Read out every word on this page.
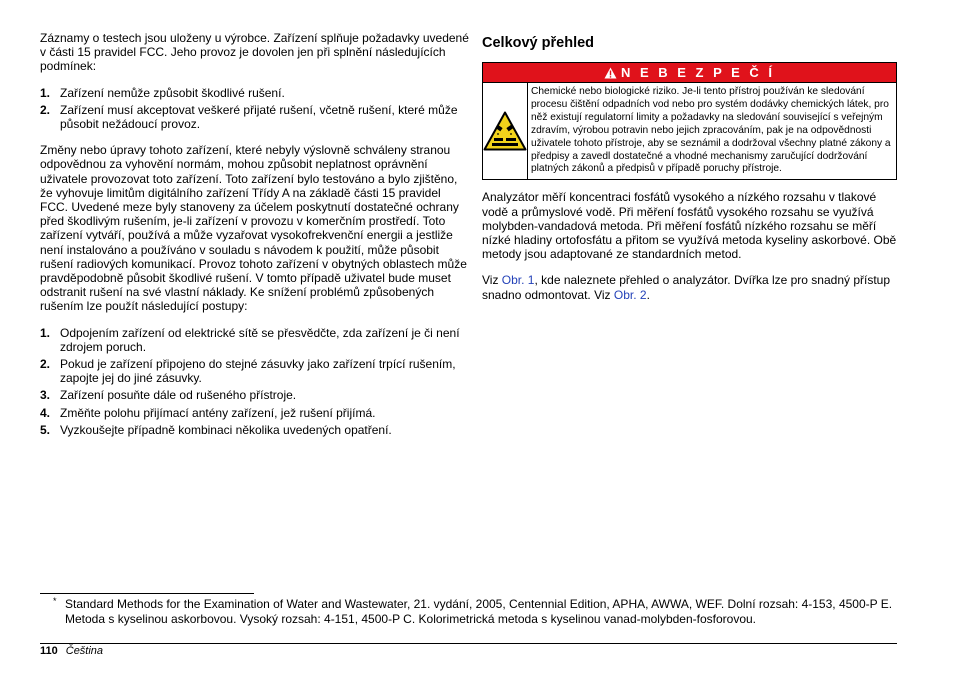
Záznamy o testech jsou uloženy u výrobce. Zařízení splňuje požadavky uvedené v části 15 pravidel FCC. Jeho provoz je dovolen jen při splnění následujících podmínek:

1. Zařízení nemůže způsobit škodlivé rušení.
2. Zařízení musí akceptovat veškeré přijaté rušení, včetně rušení, které může působit nežádoucí provoz.

Změny nebo úpravy tohoto zařízení, které nebyly výslovně schváleny stranou odpovědnou za vyhovění normám, mohou způsobit neplatnost oprávnění uživatele provozovat toto zařízení. Toto zařízení bylo testováno a bylo zjištěno, že vyhovuje limitům digitálního zařízení Třídy A na základě části 15 pravidel FCC. Uvedené meze byly stanoveny za účelem poskytnutí dostatečné ochrany před škodlivým rušením, je-li zařízení v provozu v komerčním prostředí. Toto zařízení vytváří, používá a může vyzařovat vysokofrekvenční energii a jestliže není instalováno a používáno v souladu s návodem k použití, může působit rušení radiových komunikací. Provoz tohoto zařízení v obytných oblastech může pravděpodobně působit škodlivé rušení. V tomto případě uživatel bude muset odstranit rušení na své vlastní náklady. Ke snížení problémů způsobených rušením lze použít následující postupy:

1. Odpojením zařízení od elektrické sítě se přesvědčte, zda zařízení je či není zdrojem poruch.
2. Pokud je zařízení připojeno do stejné zásuvky jako zařízení trpící rušením, zapojte jej do jiné zásuvky.
3. Zařízení posuňte dále od rušeného přístroje.
4. Změňte polohu přijímací antény zařízení, jež rušení přijímá.
5. Vyzkoušejte případně kombinaci několika uvedených opatření.
Celkový přehled
N E B E Z P E Č Í
Chemické nebo biologické riziko. Je-li tento přístroj používán ke sledování procesu čištění odpadních vod nebo pro systém dodávky chemických látek, pro něž existují regulatorní limity a požadavky na sledování související s veřejným zdravím, výrobou potravin nebo jejich zpracováním, pak je na odpovědnosti uživatele tohoto přístroje, aby se seznámil a dodržoval všechny platné zákony a předpisy a zavedl dostatečné a vhodné mechanismy zaručující dodržování platných zákonů a předpisů v případě poruchy přístroje.

Analyzátor měří koncentraci fosfátů vysokého a nízkého rozsahu v tlakové vodě a průmyslové vodě. Při měření fosfátů vysokého rozsahu se využívá molybden-vandadová metoda. Při měření fosfátů nízkého rozsahu se měří nízké hladiny ortofosfátu a přitom se využívá metoda kyseliny askorbové. Obě metody jsou adaptované ze standardních metod.

Viz Obr. 1, kde naleznete přehled o analyzátor. Dvířka lze pro snadný přístup snadno odmontovat. Viz Obr. 2.

* Standard Methods for the Examination of Water and Wastewater, 21. vydání, 2005, Centennial Edition, APHA, AWWA, WEF. Dolní rozsah: 4-153, 4500-P E. Metoda s kyselinou askorbovou. Vysoký rozsah: 4-151, 4500-P C. Kolorimetrická metoda s kyselinou vanad-molybden-fosforovou.
110 Čeština
